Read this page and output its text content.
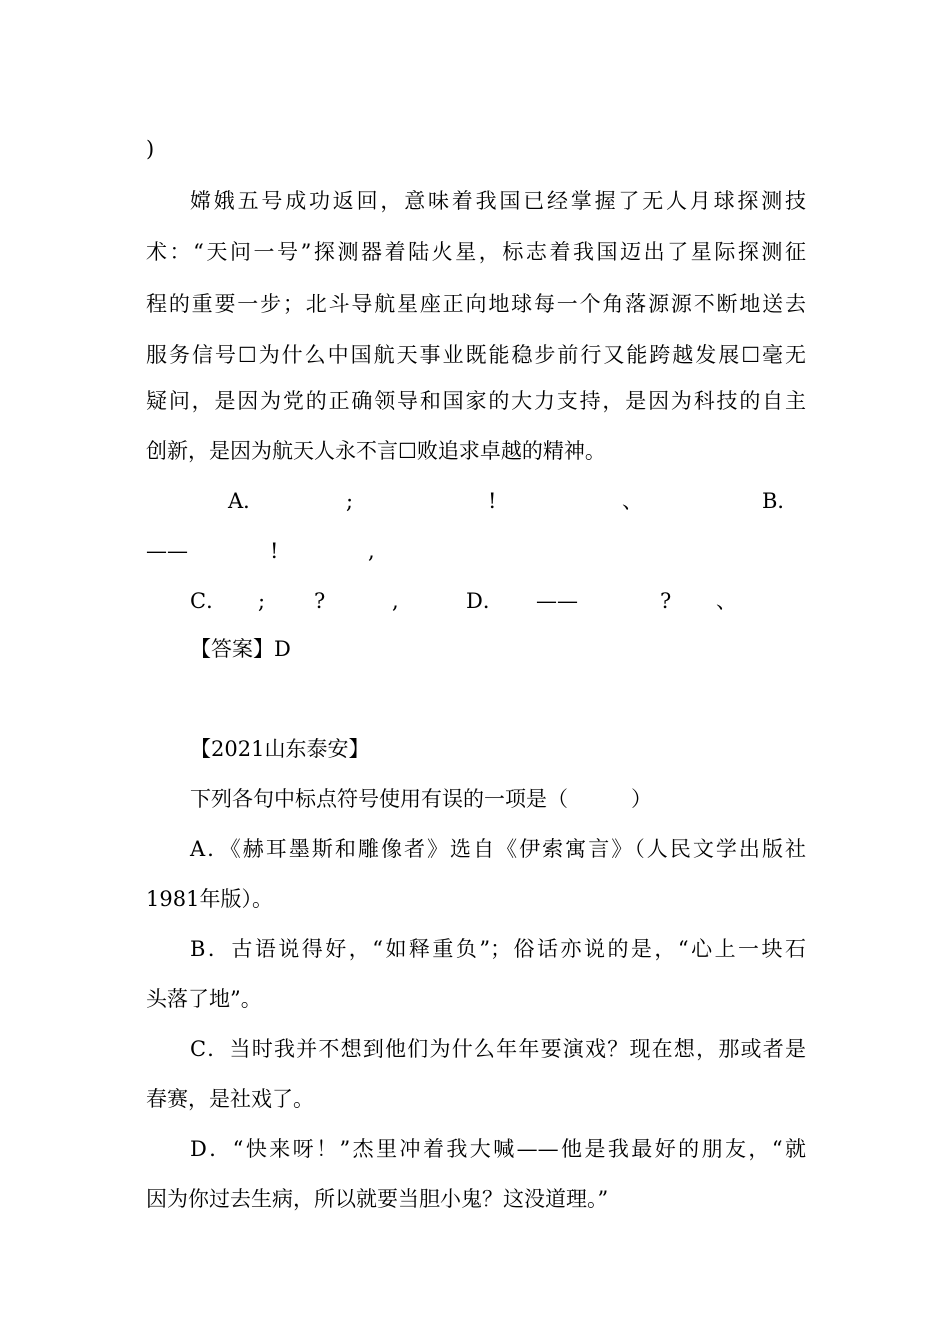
)
嫦娥五号成功返回，意味着我国已经掌握了无人月球探测技
术：“天问一号”探测器着陆火星，标志着我国迈出了星际探测征
程的重要一步；北斗导航星座正向地球每一个角落源源不断地送去
服务信号☐为什么中国航天事业既能稳步前行又能跨越发展☐毫无
疑问，是因为党的正确领导和国家的大力支持，是因为科技的自主
创新，是因为航天人永不言☐败追求卓越的精神。
A．	;	!	、	B．
——	!	,
C． ; ?	,	D． ——	? 、
【答案】D
【2021山东泰安】
下列各句中标点符号使用有误的一项是（　　　）
A．《赫耳墨斯和雕像者》选自《伊索寓言》（人民文学出版社
1981年版）。
B．古语说得好，“如释重负”；俗话亦说的是，“心上一块石
头落了地”。
C．当时我并不想到他们为什么年年要演戏？现在想，那或者是
春赛，是社戏了。
D．“快来呀！”杰里冲着我大喊——他是我最好的朋友，“就
因为你过去生病，所以就要当胆小鬼？这没道理。”
